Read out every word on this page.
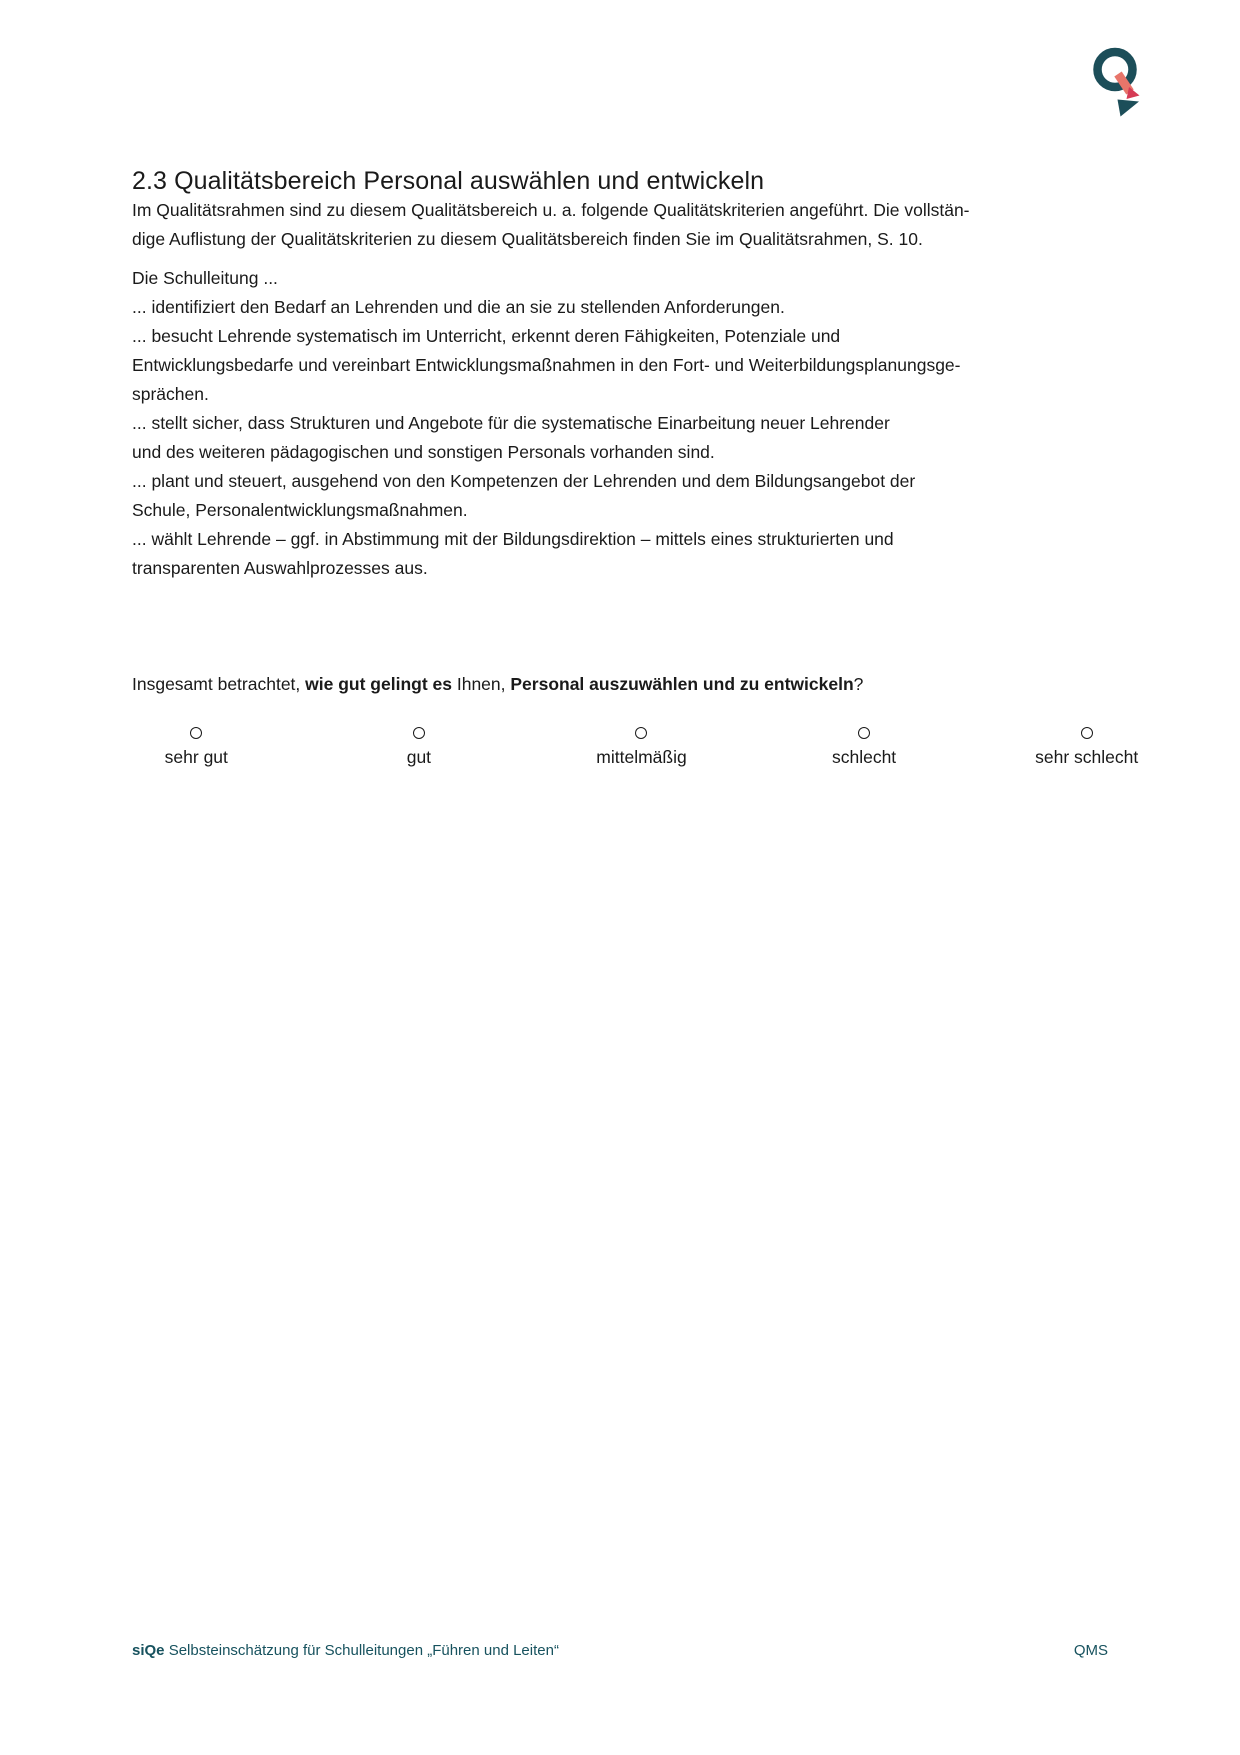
2.3 Qualitätsbereich Personal auswählen und entwickeln
Im Qualitätsrahmen sind zu diesem Qualitätsbereich u. a. folgende Qualitätskriterien angeführt. Die vollstän-
dige Auflistung der Qualitätskriterien zu diesem Qualitätsbereich finden Sie im Qualitätsrahmen, S. 10.
Die Schulleitung ...
... identifiziert den Bedarf an Lehrenden und die an sie zu stellenden Anforderungen.
... besucht Lehrende systematisch im Unterricht, erkennt deren Fähigkeiten, Potenziale und
Entwicklungsbedarfe und vereinbart Entwicklungsmaßnahmen in den Fort- und Weiterbildungsplanungsge-
sprächen.
... stellt sicher, dass Strukturen und Angebote für die systematische Einarbeitung neuer Lehrender
und des weiteren pädagogischen und sonstigen Personals vorhanden sind.
... plant und steuert, ausgehend von den Kompetenzen der Lehrenden und dem Bildungsangebot der
Schule, Personalentwicklungsmaßnahmen.
... wählt Lehrende – ggf. in Abstimmung mit der Bildungsdirektion – mittels eines strukturierten und
transparenten Auswahlprozesses aus.

Insgesamt betrachtet, wie gut gelingt es Ihnen, Personal auszuwählen und zu entwickeln?

sehr gut	gut	mittelmäßig	schlecht	sehr schlecht
siQe Selbsteinschätzung für Schulleitungen „Führen und Leiten“	QMS
